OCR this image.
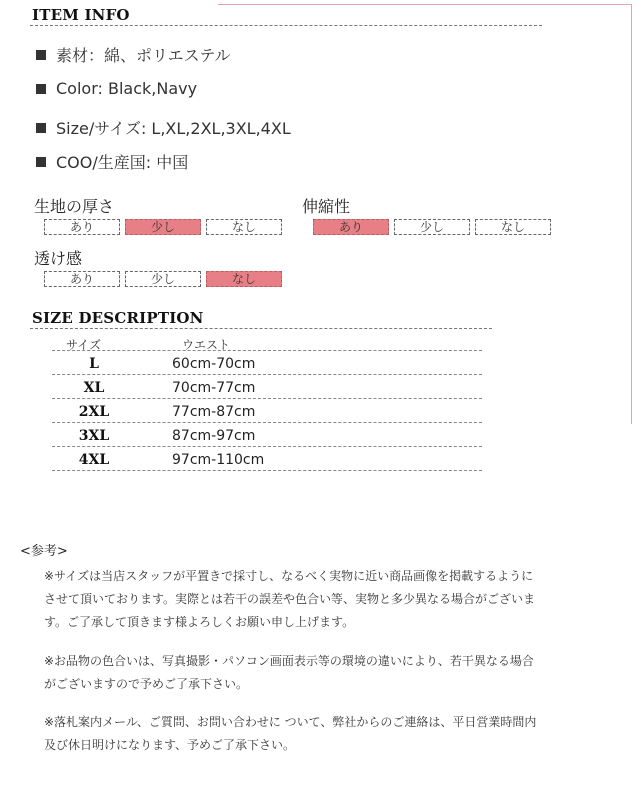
ITEM INFO
素材：綿、ポリエステル
Color: Black,Navy
Size/サイズ: L,XL,2XL,3XL,4XL
COO/生産国: 中国
生地の厚さ
あり	少し	なし
伸縮性
あり	少し	なし
透け感
あり	少し	なし
SIZE DESCRIPTION
サイズ	ウエスト
L	60cm-70cm
XL	70cm-77cm
2XL	77cm-87cm
3XL	87cm-97cm
4XL	97cm-110cm
<参考>
※サイズは当店スタッフが平置きで採寸し、なるべく実物に近い商品画像を掲載するようにさせて頂いております。実際とは若干の誤差や色合い等、実物と多少異なる場合がございます。ご了承して頂きます様よろしくお願い申し上げます。
※お品物の色合いは、写真撮影・パソコン画面表示等の環境の違いにより、若干異なる場合がございますので予めご了承下さい。
※落札案内メール、ご質問、お問い合わせに ついて、弊社からのご連絡は、平日営業時間内及び休日明けになります、予めご了承下さい。
